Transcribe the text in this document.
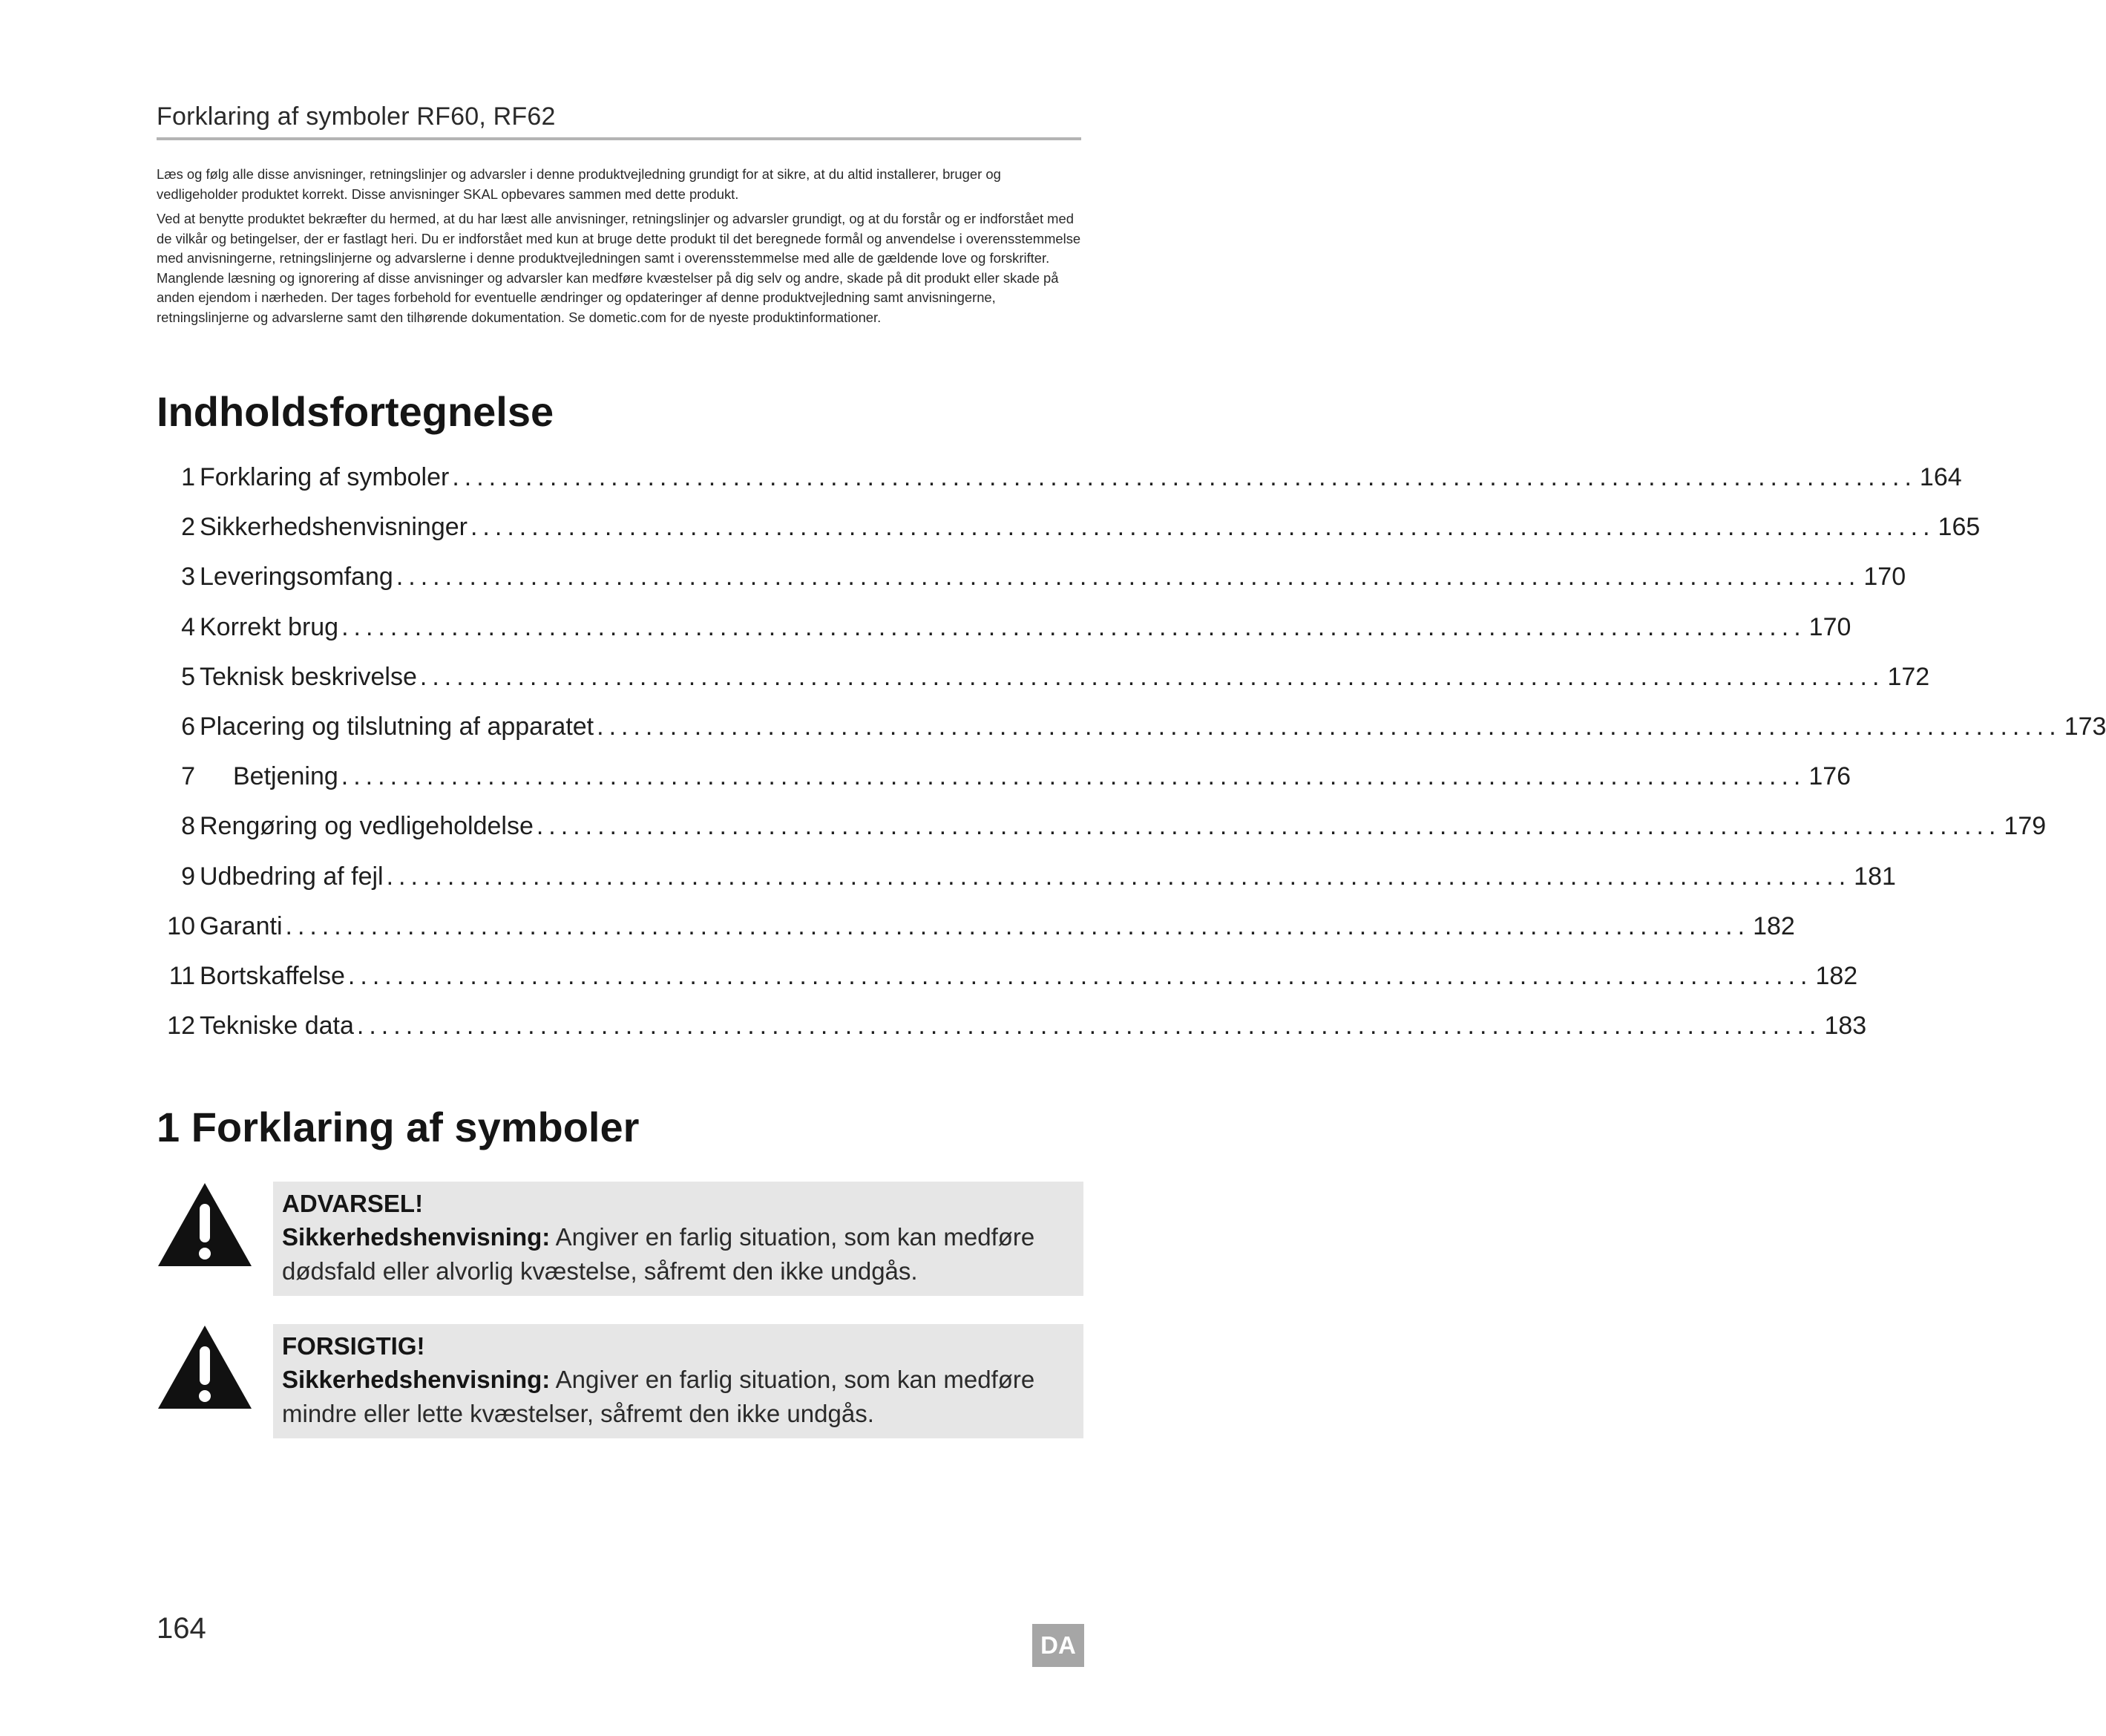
Forklaring af symboler RF60, RF62

Læs og følg alle disse anvisninger, retningslinjer og advarsler i denne produktvejledning grundigt for at sikre, at du altid installerer, bruger og vedligeholder produktet korrekt. Disse anvisninger SKAL opbevares sammen med dette produkt.

Ved at benytte produktet bekræfter du hermed, at du har læst alle anvisninger, retningslinjer og advarsler grundigt, og at du forstår og er indforstået med de vilkår og betingelser, der er fastlagt heri. Du er indforstået med kun at bruge dette produkt til det beregnede formål og anvendelse i overensstemmelse med anvisningerne, retningslinjerne og advarslerne i denne produktvejledningen samt i overensstemmelse med alle de gældende love og forskrifter. Manglende læsning og ignorering af disse anvisninger og advarsler kan medføre kvæstelser på dig selv og andre, skade på dit produkt eller skade på anden ejendom i nærheden. Der tages forbehold for eventuelle ændringer og opdateringer af denne produktvejledning samt anvisningerne, retningslinjerne og advarslerne samt den tilhørende dokumentation. Se dometic.com for de nyeste produktinformationer.

Indholdsfortegnelse
1 Forklaring af symboler ........................................................................................................................ 164
2 Sikkerhedshenvisninger ........................................................................................................................ 165
3 Leveringsomfang ........................................................................................................................ 170
4 Korrekt brug ........................................................................................................................ 170
5 Teknisk beskrivelse ........................................................................................................................ 172
6 Placering og tilslutning af apparatet ........................................................................................................................ 173
7 Betjening ........................................................................................................................ 176
8 Rengøring og vedligeholdelse ........................................................................................................................ 179
9 Udbedring af fejl ........................................................................................................................ 181
10 Garanti ........................................................................................................................ 182
11 Bortskaffelse ........................................................................................................................ 182
12 Tekniske data ........................................................................................................................ 183
1 Forklaring af symboler
ADVARSEL!
Sikkerhedshenvisning: Angiver en farlig situation, som kan medføre dødsfald eller alvorlig kvæstelse, såfremt den ikke undgås.
FORSIGTIG!
Sikkerhedshenvisning: Angiver en farlig situation, som kan medføre mindre eller lette kvæstelser, såfremt den ikke undgås.
164
DA
